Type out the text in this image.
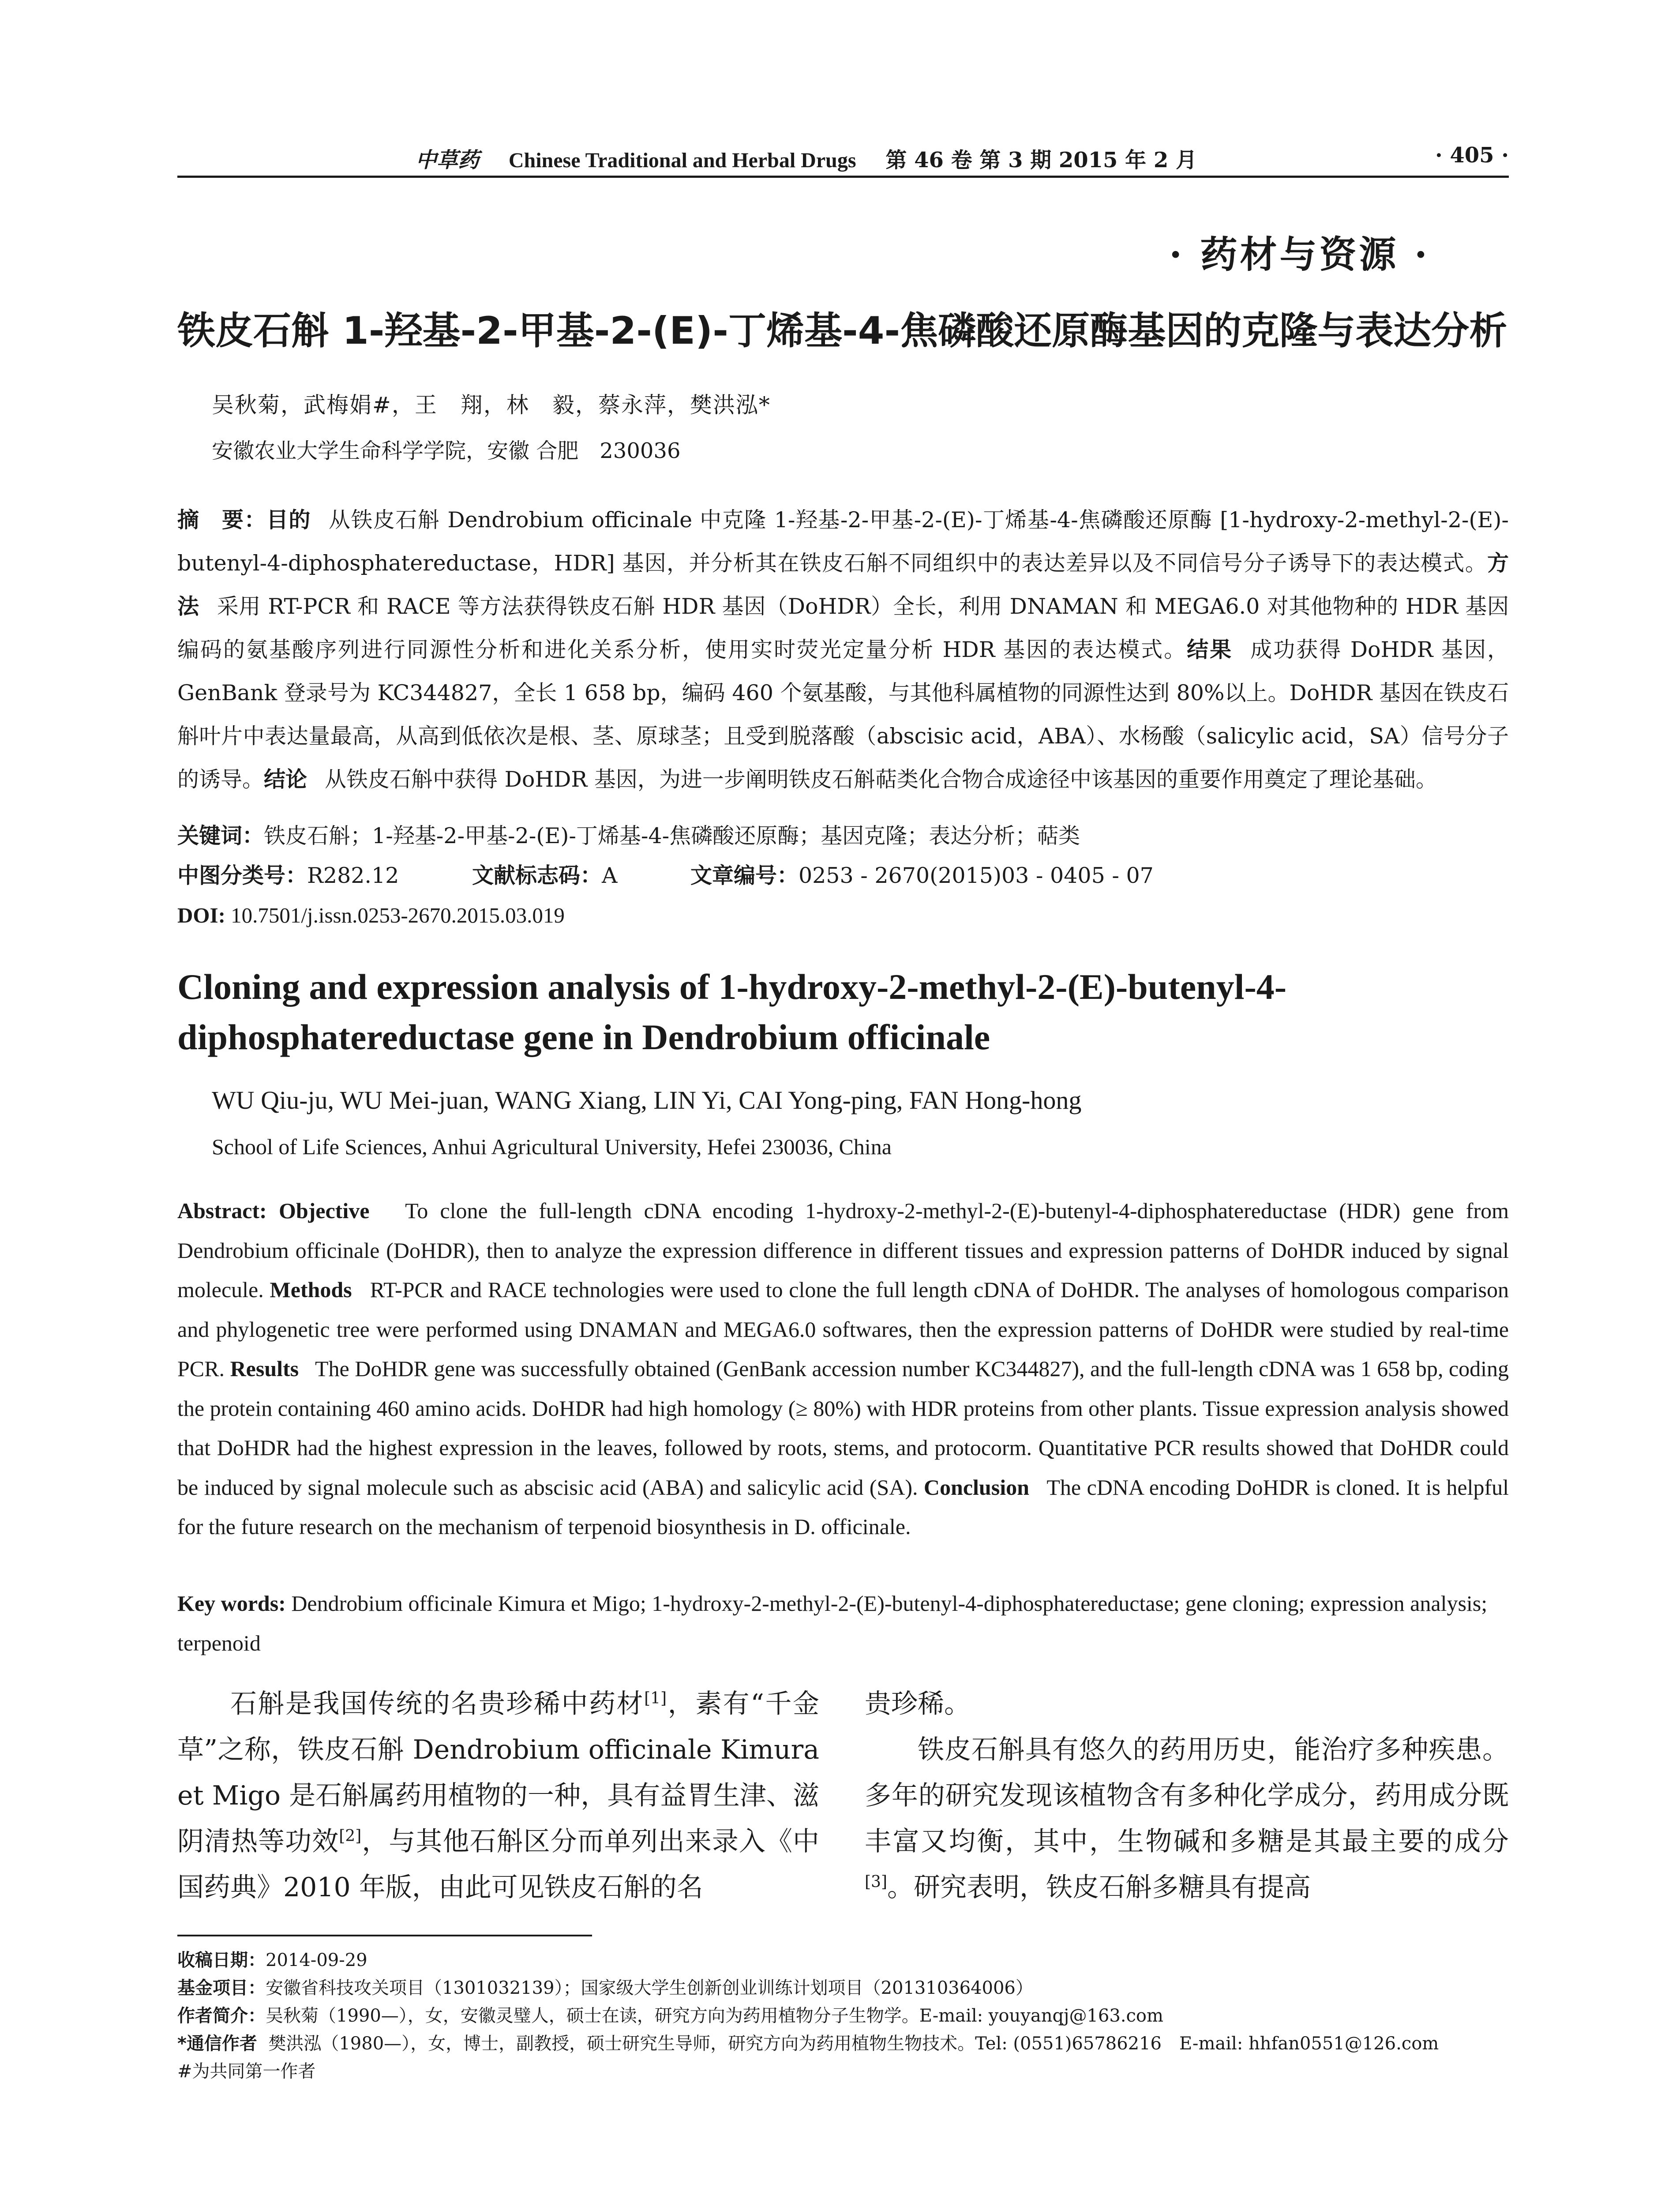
中草药 Chinese Traditional and Herbal Drugs 第 46 卷 第 3 期 2015 年 2 月	· 405 ·
· 药材与资源 ·
铁皮石斛 1-羟基-2-甲基-2-(E)-丁烯基-4-焦磷酸还原酶基因的克隆与表达分析
吴秋菊，武梅娟#，王　翔，林　毅，蔡永萍，樊洪泓*
安徽农业大学生命科学学院，安徽 合肥　230036
摘　要：目的 从铁皮石斛 Dendrobium officinale 中克隆 1-羟基-2-甲基-2-(E)-丁烯基-4-焦磷酸还原酶 [1-hydroxy-2-methyl-2-(E)-butenyl-4-diphosphatereductase，HDR] 基因，并分析其在铁皮石斛不同组织中的表达差异以及不同信号分子诱导下的表达模式。方法 采用 RT-PCR 和 RACE 等方法获得铁皮石斛 HDR 基因（DoHDR）全长，利用 DNAMAN 和 MEGA6.0 对其他物种的 HDR 基因编码的氨基酸序列进行同源性分析和进化关系分析，使用实时荧光定量分析 HDR 基因的表达模式。结果 成功获得 DoHDR 基因，GenBank 登录号为 KC344827，全长 1 658 bp，编码 460 个氨基酸，与其他科属植物的同源性达到 80%以上。DoHDR 基因在铁皮石斛叶片中表达量最高，从高到低依次是根、茎、原球茎；且受到脱落酸（abscisic acid，ABA）、水杨酸（salicylic acid，SA）信号分子的诱导。结论 从铁皮石斛中获得 DoHDR 基因，为进一步阐明铁皮石斛萜类化合物合成途径中该基因的重要作用奠定了理论基础。
关键词：铁皮石斛；1-羟基-2-甲基-2-(E)-丁烯基-4-焦磷酸还原酶；基因克隆；表达分析；萜类
中图分类号：R282.12	文献标志码：A	文章编号：0253 - 2670(2015)03 - 0405 - 07
DOI: 10.7501/j.issn.0253-2670.2015.03.019
Cloning and expression analysis of 1-hydroxy-2-methyl-2-(E)-butenyl-4-diphosphatereductase gene in Dendrobium officinale
WU Qiu-ju, WU Mei-juan, WANG Xiang, LIN Yi, CAI Yong-ping, FAN Hong-hong
School of Life Sciences, Anhui Agricultural University, Hefei 230036, China
Abstract: Objective To clone the full-length cDNA encoding 1-hydroxy-2-methyl-2-(E)-butenyl-4-diphosphatereductase (HDR) gene from Dendrobium officinale (DoHDR), then to analyze the expression difference in different tissues and expression patterns of DoHDR induced by signal molecule. Methods RT-PCR and RACE technologies were used to clone the full length cDNA of DoHDR. The analyses of homologous comparison and phylogenetic tree were performed using DNAMAN and MEGA6.0 softwares, then the expression patterns of DoHDR were studied by real-time PCR. Results The DoHDR gene was successfully obtained (GenBank accession number KC344827), and the full-length cDNA was 1 658 bp, coding the protein containing 460 amino acids. DoHDR had high homology (≥ 80%) with HDR proteins from other plants. Tissue expression analysis showed that DoHDR had the highest expression in the leaves, followed by roots, stems, and protocorm. Quantitative PCR results showed that DoHDR could be induced by signal molecule such as abscisic acid (ABA) and salicylic acid (SA). Conclusion The cDNA encoding DoHDR is cloned. It is helpful for the future research on the mechanism of terpenoid biosynthesis in D. officinale.
Key words: Dendrobium officinale Kimura et Migo; 1-hydroxy-2-methyl-2-(E)-butenyl-4-diphosphatereductase; gene cloning; expression analysis; terpenoid
石斛是我国传统的名贵珍稀中药材[1]，素有“千金草”之称，铁皮石斛 Dendrobium officinale Kimura et Migo 是石斛属药用植物的一种，具有益胃生津、滋阴清热等功效[2]，与其他石斛区分而单列出来录入《中国药典》2010 年版，由此可见铁皮石斛的名
贵珍稀。
铁皮石斛具有悠久的药用历史，能治疗多种疾患。多年的研究发现该植物含有多种化学成分，药用成分既丰富又均衡，其中，生物碱和多糖是其最主要的成分[3]。研究表明，铁皮石斛多糖具有提高
收稿日期：2014-09-29
基金项目：安徽省科技攻关项目（1301032139）；国家级大学生创新创业训练计划项目（201310364006）
作者简介：吴秋菊（1990—），女，安徽灵璧人，硕士在读，研究方向为药用植物分子生物学。E-mail: youyanqj@163.com
*通信作者 樊洪泓（1980—），女，博士，副教授，硕士研究生导师，研究方向为药用植物生物技术。Tel: (0551)65786216　E-mail: hhfan0551@126.com
#为共同第一作者
